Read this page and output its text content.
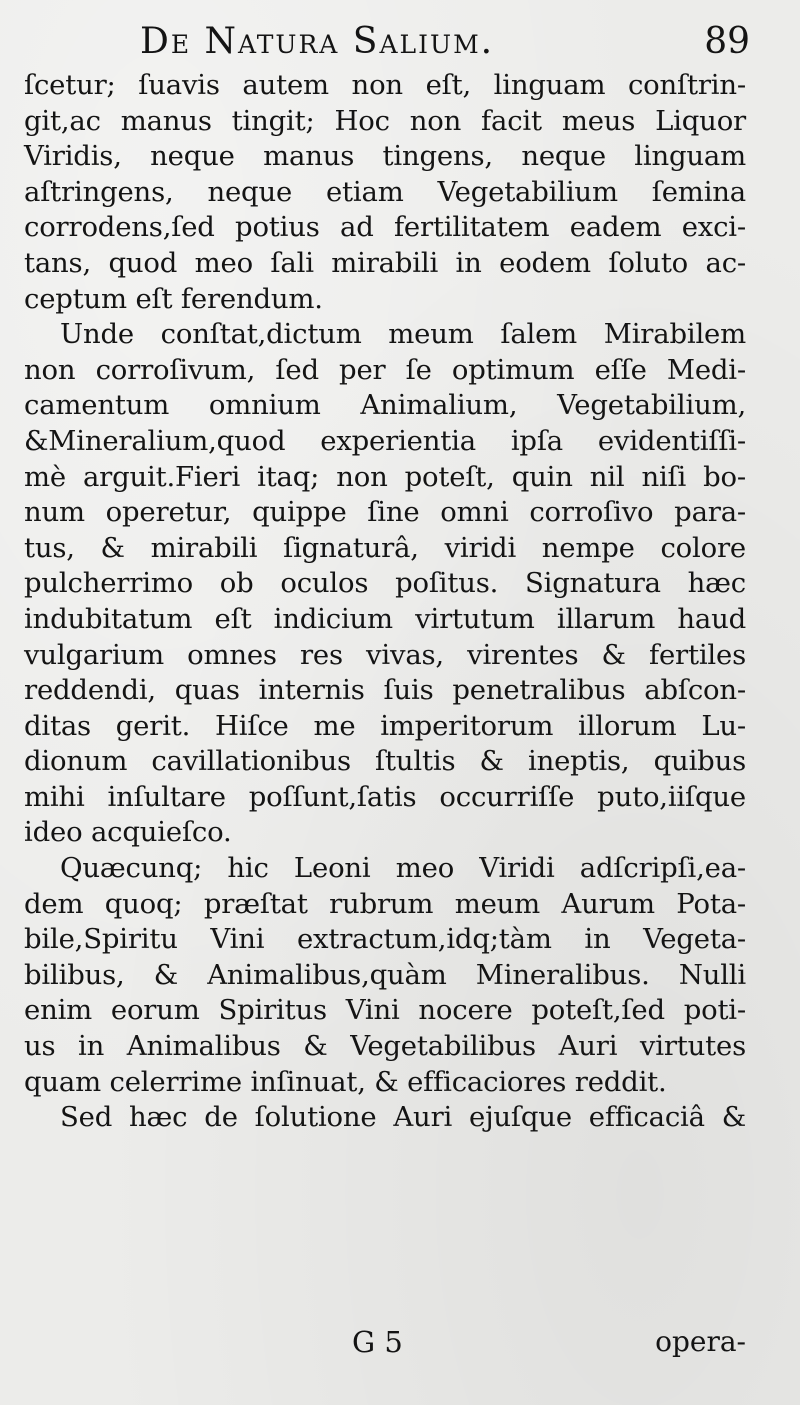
De Natura Salium.	89
ſcetur; ſuavis autem non eſt, linguam conſtrin-
git,ac manus tingit; Hoc non facit meus Liquor
Viridis, neque manus tingens, neque linguam
aſtringens, neque etiam Vegetabilium ſemina
corrodens,ſed potius ad fertilitatem eadem exci-
tans, quod meo ſali mirabili in eodem ſoluto ac-
ceptum eſt ferendum.
Unde conſtat,dictum meum ſalem Mirabilem
non corroſivum, ſed per ſe optimum eſſe Medi-
camentum omnium Animalium, Vegetabilium,
&Mineralium,quod experientia ipſa evidentiſſi-
mè arguit.Fieri itaq; non poteſt, quin nil niſi bo-
num operetur, quippe ſine omni corroſivo para-
tus, & mirabili ſignaturâ, viridi nempe colore
pulcherrimo ob oculos poſitus. Signatura hæc
indubitatum eſt indicium virtutum illarum haud
vulgarium omnes res vivas, virentes & fertiles
reddendi, quas internis ſuis penetralibus abſcon-
ditas gerit. Hiſce me imperitorum illorum Lu-
dionum cavillationibus ſtultis & ineptis, quibus
mihi inſultare poſſunt,ſatis occurriſſe puto,iiſque
ideo acquieſco.
Quæcunq; hic Leoni meo Viridi adſcripſi,ea-
dem quoq; præſtat rubrum meum Aurum Pota-
bile,Spiritu Vini extractum,idq;tàm in Vegeta-
bilibus, & Animalibus,quàm Mineralibus. Nulli
enim eorum Spiritus Vini nocere poteſt,ſed poti-
us in Animalibus & Vegetabilibus Auri virtutes
quam celerrime inſinuat, & efficaciores reddit.
Sed hæc de ſolutione Auri ejuſque efficaciâ &
G 5	opera-
